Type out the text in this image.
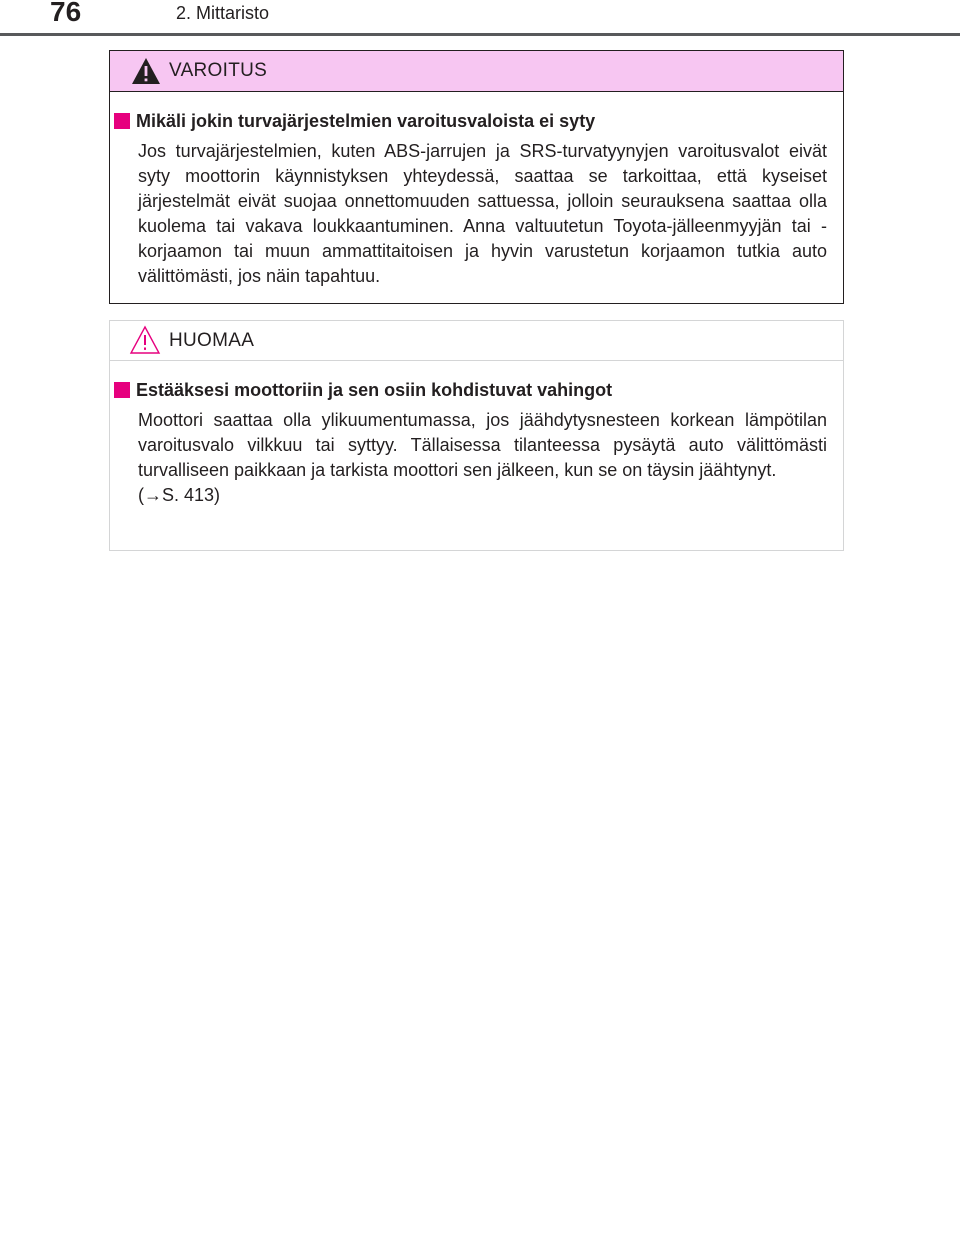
76	2. Mittaristo
VAROITUS
Mikäli jokin turvajärjestelmien varoitusvaloista ei syty
Jos turvajärjestelmien, kuten ABS-jarrujen ja SRS-turvatyynyjen varoitusvalot eivät syty moottorin käynnistyksen yhteydessä, saattaa se tarkoittaa, että kyseiset järjestelmät eivät suojaa onnettomuuden sattuessa, jolloin seurauksena saattaa olla kuolema tai vakava loukkaantuminen. Anna valtuutetun Toyota-jälleenmyyjän tai -korjaamon tai muun ammattitaitoisen ja hyvin varustetun korjaamon tutkia auto välittömästi, jos näin tapahtuu.
HUOMAA
Estääksesi moottoriin ja sen osiin kohdistuvat vahingot
Moottori saattaa olla ylikuumentumassa, jos jäähdytysnesteen korkean lämpötilan varoitusvalo vilkkuu tai syttyy. Tällaisessa tilanteessa pysäytä auto välittömästi turvalliseen paikkaan ja tarkista moottori sen jälkeen, kun se on täysin jäähtynyt.
(→S. 413)
